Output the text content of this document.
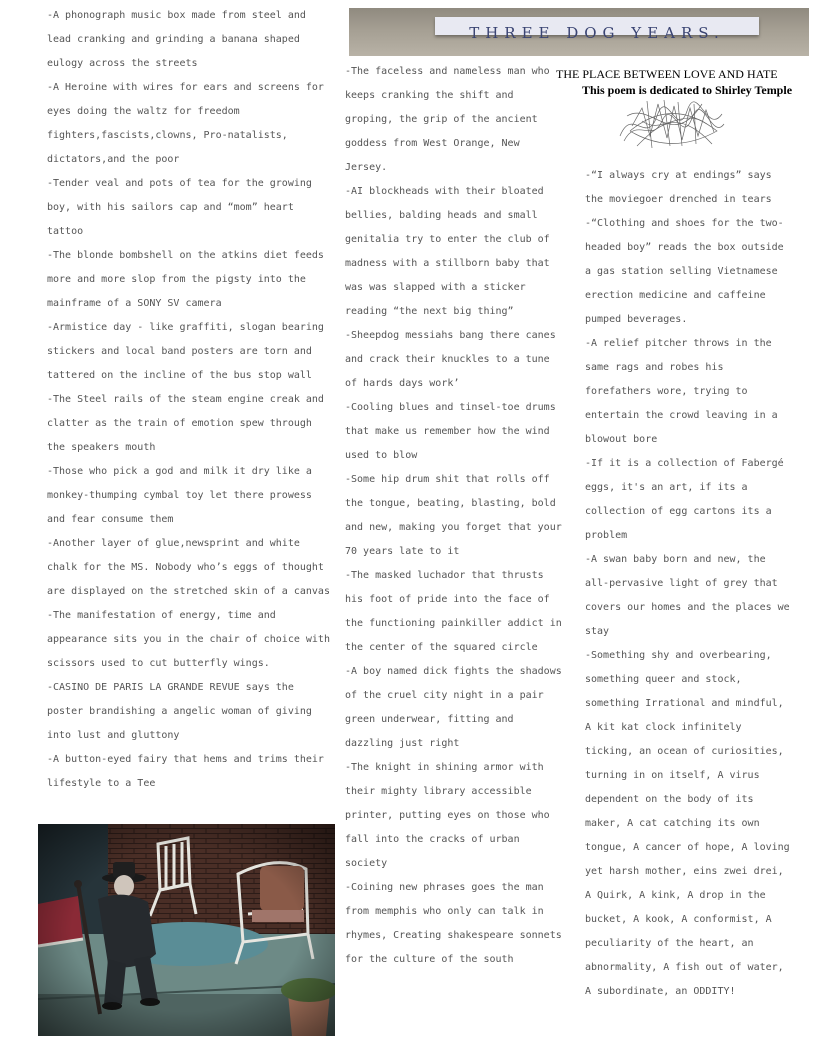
THREE DOG YEARS.
THE PLACE BETWEEN LOVE AND HATE
This poem is dedicated to Shirley Temple

-A phonograph music box made from steel and lead cranking and grinding a banana shaped eulogy across the streets

-A Heroine with wires for ears and screens for eyes doing the waltz for freedom fighters,fascists,clowns, Pro-natalists, dictators,and the poor

-Tender veal and pots of tea for the growing boy, with his sailors cap and “mom” heart tattoo

-The blonde bombshell on the atkins diet feeds more and more slop from the pigsty into the mainframe of a SONY SV camera

-Armistice day - like graffiti, slogan bearing stickers and local band posters are torn and tattered on the incline of the bus stop wall

-The Steel rails of the steam engine creak and clatter as the train of emotion spew through the speakers mouth

-Those who pick a god and milk it dry like a monkey-thumping cymbal toy let there prowess and fear consume them

-Another layer of glue,newsprint and white chalk for the MS. Nobody who’s eggs of thought are displayed on the stretched skin of a canvas

-The manifestation of energy, time and appearance sits you in the chair of choice with scissors used to cut butterfly wings.

-CASINO DE PARIS LA GRANDE REVUE says the poster brandishing a angelic woman of giving into lust and gluttony

-A button-eyed fairy that hems and trims their lifestyle to a Tee

-The faceless and nameless man who keeps cranking the shift and groping, the grip of the ancient goddess from West Orange, New Jersey.

-AI blockheads with their bloated bellies, balding heads and small genitalia try to enter the club of madness with a stillborn baby that was was slapped with a sticker reading “the next big thing”

-Sheepdog messiahs bang there canes and crack their knuckles to a tune of hards days work’

-Cooling blues and tinsel-toe drums that make us remember how the wind used to blow

-Some hip drum shit that rolls off the tongue, beating, blasting, bold and new, making you forget that your 70 years late to it

-The masked luchador that thrusts his foot of pride into the face of the functioning painkiller addict in the center of the squared circle

-A boy named dick fights the shadows of the cruel city night in a pair green underwear, fitting and dazzling just right

-The knight in shining armor with their mighty library accessible printer, putting eyes on those who fall into the cracks of urban society

-Coining new phrases goes the man from memphis who only can talk in rhymes, Creating shakespeare sonnets for the culture of the south

-“I always cry at endings” says the moviegoer drenched in tears

-“Clothing and shoes for the two-headed boy” reads the box outside a gas station selling Vietnamese erection medicine and caffeine pumped beverages.

-A relief pitcher throws in the same rags and robes his forefathers wore, trying to entertain the crowd leaving in a blowout bore

-If it is a collection of Fabergé eggs, it's an art, if its a collection of egg cartons its a problem

-A swan baby born and new, the all-pervasive light of grey that covers our homes and the places we stay

-Something shy and overbearing, something queer and stock, something Irrational and mindful, A kit kat clock infinitely ticking, an ocean of curiosities, turning in on itself, A virus dependent on the body of its maker, A cat catching its own tongue, A cancer of hope, A loving yet harsh mother, eins zwei drei, A Quirk, A kink, A drop in the bucket, A kook, A conformist, A peculiarity of the heart, an abnormality, A fish out of water, A subordinate, an ODDITY!
